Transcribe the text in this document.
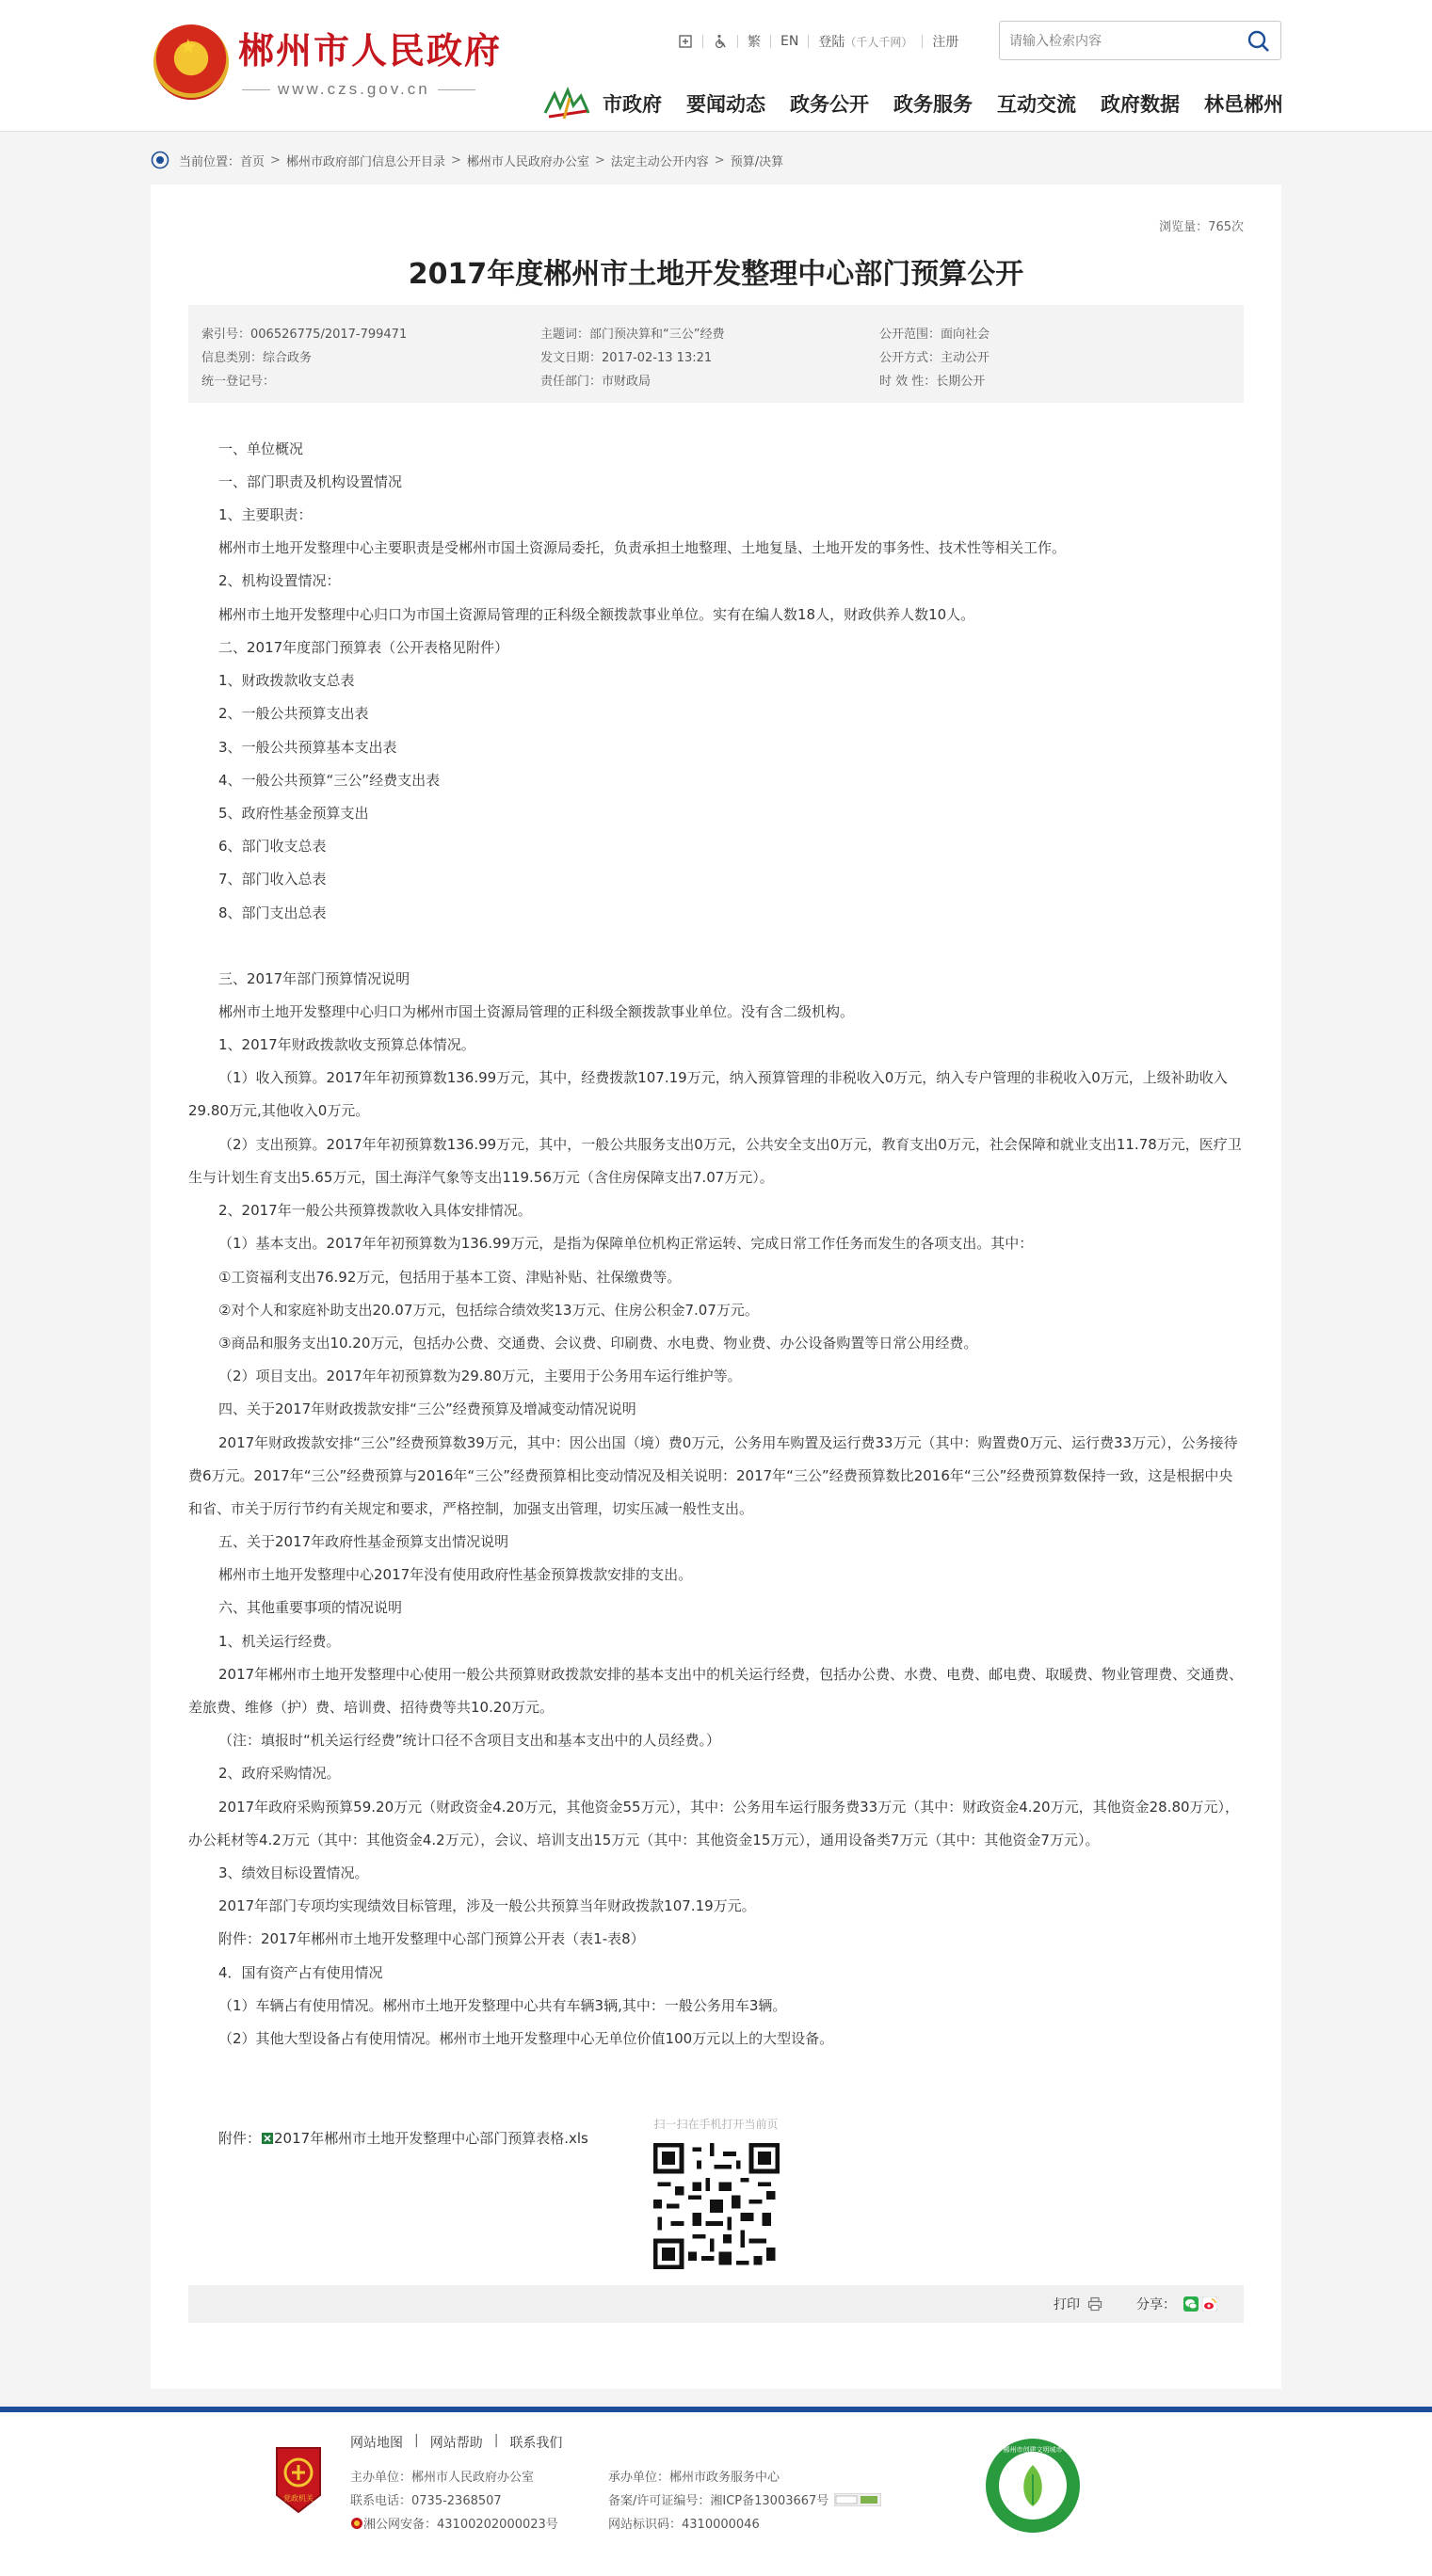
★ 郴州市人民政府
www.czs.gov.cn
繁 EN 登陆 （千人千网） 注册
请输入检索内容
市政府 要闻动态 政务公开 政务服务 互动交流 政府数据 林邑郴州
当前位置： 首页 > 郴州市政府部门信息公开目录 > 郴州市人民政府办公室 > 法定主动公开内容 > 预算/决算
浏览量：765次
2017年度郴州市土地开发整理中心部门预算公开
索引号：006526775/2017-799471	主题词：部门预决算和“三公”经费	公开范围：面向社会
信息类别：综合政务	发文日期：2017-02-13 13:21	公开方式：主动公开
统一登记号：	责任部门：市财政局	时 效 性：长期公开
一、单位概况
一、部门职责及机构设置情况
1、主要职责：
郴州市土地开发整理中心主要职责是受郴州市国土资源局委托，负责承担土地整理、土地复垦、土地开发的事务性、技术性等相关工作。
2、机构设置情况：
郴州市土地开发整理中心归口为市国土资源局管理的正科级全额拨款事业单位。实有在编人数18人，财政供养人数10人。
二、2017年度部门预算表（公开表格见附件）
1、财政拨款收支总表
2、一般公共预算支出表
3、一般公共预算基本支出表
4、一般公共预算“三公”经费支出表
5、政府性基金预算支出
6、部门收支总表
7、部门收入总表
8、部门支出总表
三、2017年部门预算情况说明
郴州市土地开发整理中心归口为郴州市国土资源局管理的正科级全额拨款事业单位。没有含二级机构。
1、2017年财政拨款收支预算总体情况。
（1）收入预算。2017年年初预算数136.99万元，其中，经费拨款107.19万元，纳入预算管理的非税收入0万元，纳入专户管理的非税收入0万元，上级补助收入29.80万元,其他收入0万元。
（2）支出预算。2017年年初预算数136.99万元，其中，一般公共服务支出0万元，公共安全支出0万元，教育支出0万元，社会保障和就业支出11.78万元，医疗卫生与计划生育支出5.65万元，国土海洋气象等支出119.56万元（含住房保障支出7.07万元）。
2、2017年一般公共预算拨款收入具体安排情况。
（1）基本支出。2017年年初预算数为136.99万元，是指为保障单位机构正常运转、完成日常工作任务而发生的各项支出。其中：
①工资福利支出76.92万元，包括用于基本工资、津贴补贴、社保缴费等。
②对个人和家庭补助支出20.07万元，包括综合绩效奖13万元、住房公积金7.07万元。
③商品和服务支出10.20万元，包括办公费、交通费、会议费、印刷费、水电费、物业费、办公设备购置等日常公用经费。
（2）项目支出。2017年年初预算数为29.80万元，主要用于公务用车运行维护等。
四、关于2017年财政拨款安排“三公”经费预算及增减变动情况说明
2017年财政拨款安排“三公”经费预算数39万元，其中：因公出国（境）费0万元，公务用车购置及运行费33万元（其中：购置费0万元、运行费33万元），公务接待费6万元。2017年“三公”经费预算与2016年“三公”经费预算相比变动情况及相关说明：2017年“三公”经费预算数比2016年“三公”经费预算数保持一致，这是根据中央和省、市关于厉行节约有关规定和要求，严格控制，加强支出管理，切实压减一般性支出。
五、关于2017年政府性基金预算支出情况说明
郴州市土地开发整理中心2017年没有使用政府性基金预算拨款安排的支出。
六、其他重要事项的情况说明
1、机关运行经费。
2017年郴州市土地开发整理中心使用一般公共预算财政拨款安排的基本支出中的机关运行经费，包括办公费、水费、电费、邮电费、取暖费、物业管理费、交通费、差旅费、维修（护）费、培训费、招待费等共10.20万元。
（注：填报时“机关运行经费”统计口径不含项目支出和基本支出中的人员经费。）
2、政府采购情况。
2017年政府采购预算59.20万元（财政资金4.20万元，其他资金55万元），其中：公务用车运行服务费33万元（其中：财政资金4.20万元，其他资金28.80万元），办公耗材等4.2万元（其中：其他资金4.2万元），会议、培训支出15万元（其中：其他资金15万元），通用设备类7万元（其中：其他资金7万元）。
3、绩效目标设置情况。
2017年部门专项均实现绩效目标管理，涉及一般公共预算当年财政拨款107.19万元。
附件：2017年郴州市土地开发整理中心部门预算公开表（表1-表8）
4．国有资产占有使用情况
（1）车辆占有使用情况。郴州市土地开发整理中心共有车辆3辆,其中：一般公务用车3辆。
（2）其他大型设备占有使用情况。郴州市土地开发整理中心无单位价值100万元以上的大型设备。
附件： 2017年郴州市土地开发整理中心部门预算表格.xls
扫一扫在手机打开当前页
打印	分享：
党政机关
网站地图 | 网站帮助 | 联系我们
主办单位：郴州市人民政府办公室
联系电话：0735-2368507
湘公网安备：43100202000023号
承办单位：郴州市政务服务中心
备案/许可证编号：湘ICP备13003667号
网站标识码：4310000046
郴州市创建文明城市
